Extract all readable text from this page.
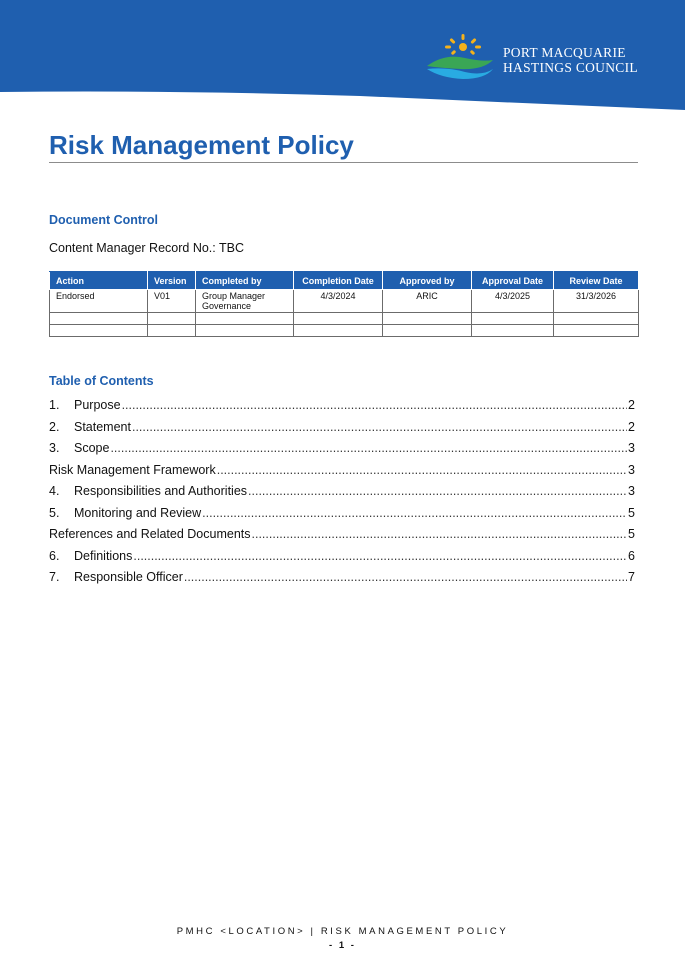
PORT MACQUARIE
HASTINGS COUNCIL
Risk Management Policy
Document Control
Content Manager Record No.: TBC
Action	Version	Completed by	Completion Date	Approved by	Approval Date	Review Date
Endorsed	V01	Group Manager Governance	4/3/2024	ARIC	4/3/2025	31/3/2026

Table of Contents
1.	Purpose .....	2
2.	Statement .....	2
3.	Scope .....	3
Risk Management Framework .....	3
4.	Responsibilities and Authorities .....	3
5.	Monitoring and Review .....	5
References and Related Documents .....	5
6.	Definitions .....	6
7.	Responsible Officer .....	7
PMHC <LOCATION> | RISK MANAGEMENT POLICY
- 1 -
